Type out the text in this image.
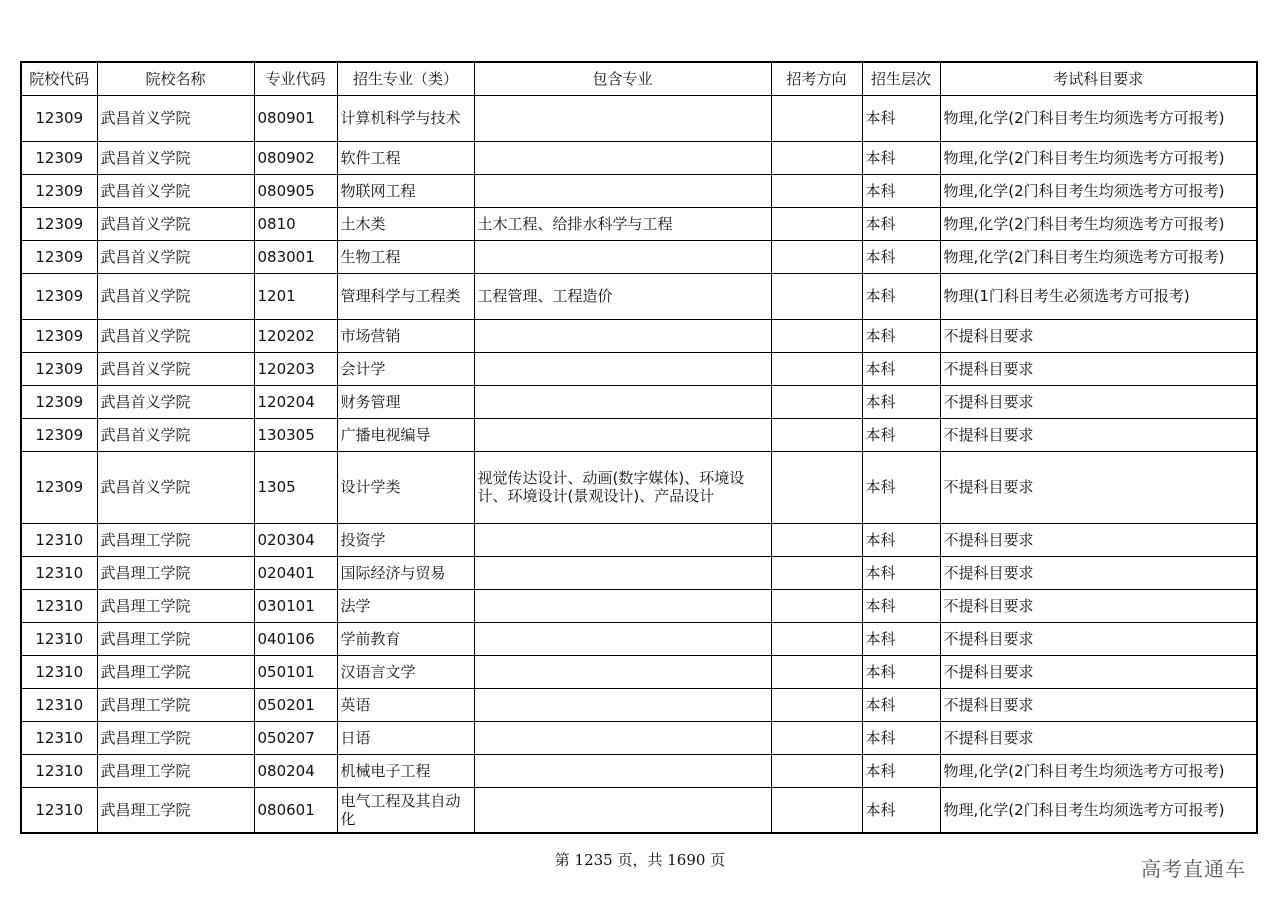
院校代码	院校名称	专业代码	招生专业（类）	包含专业	招考方向	招生层次	考试科目要求
12309	武昌首义学院	080901	计算机科学与技术			本科	物理,化学(2门科目考生均须选考方可报考)
12309	武昌首义学院	080902	软件工程			本科	物理,化学(2门科目考生均须选考方可报考)
12309	武昌首义学院	080905	物联网工程			本科	物理,化学(2门科目考生均须选考方可报考)
12309	武昌首义学院	0810	土木类	土木工程、给排水科学与工程		本科	物理,化学(2门科目考生均须选考方可报考)
12309	武昌首义学院	083001	生物工程			本科	物理,化学(2门科目考生均须选考方可报考)
12309	武昌首义学院	1201	管理科学与工程类	工程管理、工程造价		本科	物理(1门科目考生必须选考方可报考)
12309	武昌首义学院	120202	市场营销			本科	不提科目要求
12309	武昌首义学院	120203	会计学			本科	不提科目要求
12309	武昌首义学院	120204	财务管理			本科	不提科目要求
12309	武昌首义学院	130305	广播电视编导			本科	不提科目要求
12309	武昌首义学院	1305	设计学类	视觉传达设计、动画(数字媒体)、环境设计、环境设计(景观设计)、产品设计		本科	不提科目要求
12310	武昌理工学院	020304	投资学			本科	不提科目要求
12310	武昌理工学院	020401	国际经济与贸易			本科	不提科目要求
12310	武昌理工学院	030101	法学			本科	不提科目要求
12310	武昌理工学院	040106	学前教育			本科	不提科目要求
12310	武昌理工学院	050101	汉语言文学			本科	不提科目要求
12310	武昌理工学院	050201	英语			本科	不提科目要求
12310	武昌理工学院	050207	日语			本科	不提科目要求
12310	武昌理工学院	080204	机械电子工程			本科	物理,化学(2门科目考生均须选考方可报考)
12310	武昌理工学院	080601	电气工程及其自动化			本科	物理,化学(2门科目考生均须选考方可报考)
第 1235 页，共 1690 页	高考直通车
